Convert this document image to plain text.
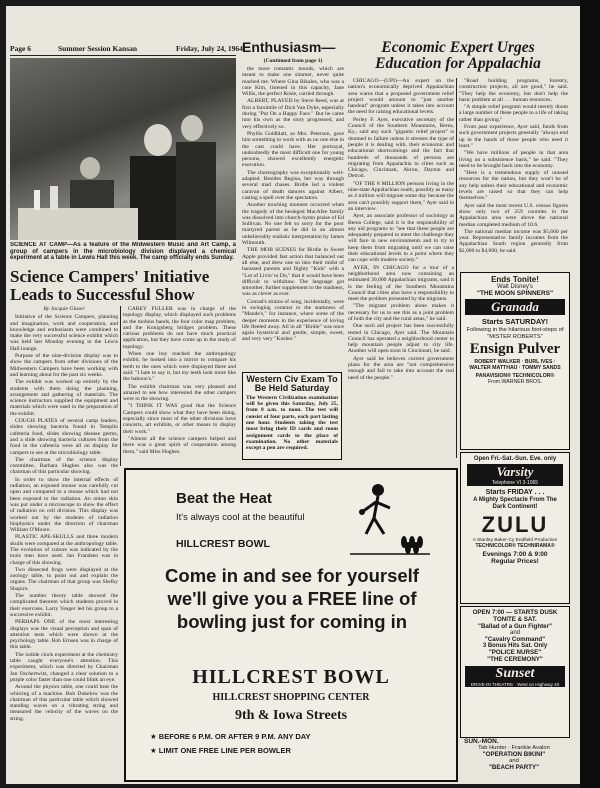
Page 6	Summer Session Kansan	Friday, July 24, 1964
SCIENCE AT CAMP—As a feature of the Midwestern Music and Art Camp, a group of campers in the microbiology division displayed a chemical experiment at a table in Lewis Hall this week. The camp officially ends Sunday.
Science Campers' Initiative Leads to Successful Show
By Jacquie Glaser

Initiative of the Science Campers, planning and imagination, work and cooperation, and knowledge and enthusiasm were combined to make the very successful science exhibit which was held last Monday evening in the Lewis Hall lounge.

Purpose of the nine-division display was to show the campers from other divisions of the Midwestern Campers have been working with and learning about for the past six weeks.

The exhibit was worked up entirely by the students with them doing the planning, arrangement and gathering of materials. The science instructors supplied the equipment and materials which were used in the preparation of the exhibit.

COUGH PLATES of several camp leaders, slides showing bacteria found in Templin cafeteria food, slides showing disease germs, and a slide showing bacteria cultures from the food in the cafeteria were all on display for campers to see at the microbiology table.

The chairman of the science display committee, Barbara Hughes also was the chairman of this particular showing.

In order to show the internal effects of radiation, an exposed mouse was carefully cut open and compared to a mouse which had not been exposed to the radiation. An onion skin was put under a microscope to show the effect of radiation on cell division. This display was worked out by the students of radiation biophysics under the direction of chairman William O'Moore.

PLASTIC APE-SKULLS and three modern skulls were compared at the anthropology table. The evolution of culture was indicated by the tools men have used. Jan Frandsen was in charge of this showing.

Two dissected frogs were displayed at the zoology table, to point out and explain the organs. The chairman of that group was Shelby Shapiro.

The number theory table showed the complicated theorem which students proved in their exercises. Larry Yeager led his group to a successive exhibit.

PERHAPS ONE of the most interesting displays was the visual perception and span of attention tests which were shown at the psychology table. Bob Ernsen was in charge of this table.

The iodide clock experiment at the chemistry table caught everyone's attention. This experiment, which was directed by Chairman Jan Oschertwitz, changed a clear solution to a purple color faster than one could blink an eye.

Around the physics table, one could hear the whirring of a machine. Bob Dukelow was the chairman of this particular table which showed standing waves on a vibrating string and measured the velocity of the waves on the string.

CAREY FULLER was in charge of the topology display, which displayed such problems as the mobius bands, the four color map problem, and the Konigsberg bridges problem. These curious problems do not have much practical application, but they have come up in the study of topology.

When one boy reached the anthropology exhibit, he looked into a mirror to compare his teeth to the ones which were displayed there and said: "I hate to say it, but my teeth look more like the baboon's."

The exhibit chairman was very pleased and amazed to see how interested the other campers were in the showing.

"I THINK IT WAS good that the Science Campers could show what they have been doing, especially since most of the other divisions have concerts, art exhibits, or other means to display their work."

"Almost all the science campers helped and there was a great spirit of cooperation among them," said Miss Hughes.

Enthusiasm—
(Continued from page 1)

the more romantic moods, which are meant to make one simmer, never quite reached me. Where Gina Bikales, who was a cute Kim, listened in this capacity, Jane Willis, the perfect Rosie, carried through.

ALBERT, PLAYED by Steve Reed, was at first a facsimile of Dick Van Dyke, especially during "Put On a Happy Face." But he came into his own as the story progressed, and very effectively so.

Phyllis Goldblatt, as Mrs. Peterson, gave him something to work with as no one else in the cast could have. Her portrayal, undoubtedly the most difficult one for young persons, showed excellently energetic execution.

The choreography was exceptionally well-adapted. Besides Regina, her way through several mad chases. Birdie led a violent caravan of death dancers against Albert, casting a spell over the spectators.

Another touching moment occurred when the tragedy of the besieged MacAfee family was dissolved into church-hymn praise of Ed Sullivan. No one felt so sorry for the poor martyred parent as he did in an almost unbelievably realistic interpretation by James Wilmouth.

THE MOB SCENES for Birdie in Sweet Apple provided fast action that balanced out all else, and drew one so into their midst of harassed parents and flighty "Kids" with a "Lot of Livin' to Do," that it would have been difficult to withdraw. The language got smoother, further supplement to the madness, was as clever as ever.

Conrad's strains of song, incidentally, were in swinging contrast to the starkness of "Maude's," for instance, where some of the deeper moments in the experience of loving life fleeted away. All in all "Birdie" was once again hysterical and gentle, simple, sweet, and very very "Kosher."

Western Civ Exam To Be Held Saturday
The Western Civilization examination will be given this Saturday, July 25, from 8 a.m. to noon. The test will consist of four parts, each part lasting one hour. Students taking the test must bring their ID cards and room assignment cards to the place of examination. No other materials except a pen are required.
Economic Expert Urges Education for Appalachia

CHICAGO—(UPI)—An expert on the nation's economically deprived Appalachian area warns that a proposed government relief project would amount to "just another handout" program unless it takes into account the need for raising educational levels.

Perley F. Ayer, executive secretary of the Council of the Southern Mountains, Berea, Ky., said any such "gigantic relief project" is doomed to failure unless it stresses the type of people it is dealing with, their economic and educational shortcomings and the fact that hundreds of thousands of persons are migrating from Appalachia to cities such as Chicago, Cincinnati, Akron, Dayton and Detroit.

"OF THE 8 MILLION persons living in the nine-state Appalachian south, possibly as many as 4 million will migrate some day because the area can't possibly support them," Ayer said in an interview.

Ayer, an associate professor of sociology at Berea College, said it is the responsibility of any aid programs to "see that these people are adequately prepared to meet the challenge they will face in new environments and to try to keep them from migrating until we can raise their educational levels to a point where they can cope with modern society."

AYER, IN CHICAGO for a tour of a neighborhood area now containing an estimated 30,000 Appalachian migrants, said it is the feeling of the Southern Mountains Council that cities also have a responsibility to meet the problem presented by the migrants.

"The migrant problem alone makes it necessary for us to see this as a joint problem of both the city and the rural areas," he said.

One such aid project has been successfully tested in Chicago, Ayer said. The Mountain Council has operated a neighborhood center to help mountain people adjust to city life. Another will open soon in Cincinnati, he said.

Ayer said he believes current government plans for the area are "not comprehensive enough and fail to take into account the real need of the people."

"Road building programs, forestry, construction projects, all are good," he said. "They help the economy, but don't help the basic problem at all . . . human resources.

"A simple relief program would merely doom a large number of these people to a life of taking rather than giving."

From past experience, Ayer said, funds from such government projects generally "always end up in the hands of those people who need it least."

"We have millions of people in that area living on a subsistence basis," he said. "They need to be brought back into the economy.

"Here is a tremendous supply of unused resources for the nation, but they won't be of any help unless their educational and economic levels are raised so that they can help themselves."

Ayer said the most recent U.S. census figures show only two of 259 counties in the Appalachian area were above the national median completed medium of 10.6.

The national median income was $5,660 per year. Representative family incomes from the Appalachian South region generally from $2,000 to $4,000, he said.

Ends Tonite!
Walt Disney's
"THE MOON SPINNERS"
Granada
Starts SATURDAY!
Following in the hilarious foot-steps of "MISTER ROBERTS"
Ensign Pulver
ROBERT WALKER · BURL IVES · WALTER MATTHAU · TOMMY SANDS
PANAVISION® TECHNICOLOR®
From WARNER BROS.
Open Fri.-Sat.-Sun. Eve. only
Varsity
Telephone VI 3-1065
Starts FRIDAY . . .
A Mighty Spectacle From The Dark Continent!
ZULU
A Stanley Baker-Cy Endfield Production
TECHNICOLOR® TECHNIRAMA®
Evenings 7:00 & 9:00
Regular Prices!
OPEN 7:00 — STARTS DUSK
TONITE & SAT.
"Ballad of a Gun Fighter"
and
"Cavalry Command"
3 Bonus Hits Sat. Only
"POLICE NURSE"
"THE CEREMONY"
Sunset
DRIVE-IN THEATRE · West on Highway 40
SUN.-MON.
Tab Hunter · Frankie Avalon
"OPERATION BIKINI"
and
"BEACH PARTY"
Beat the Heat
It's always cool at the beautiful
HILLCREST BOWL
Come in and see for yourself we'll give you a FREE line of bowling just for coming in
HILLCREST BOWL
HILLCREST SHOPPING CENTER
9th & Iowa Streets
★ BEFORE 6 P.M. OR AFTER 9 P.M. ANY DAY
★ LIMIT ONE FREE LINE PER BOWLER
